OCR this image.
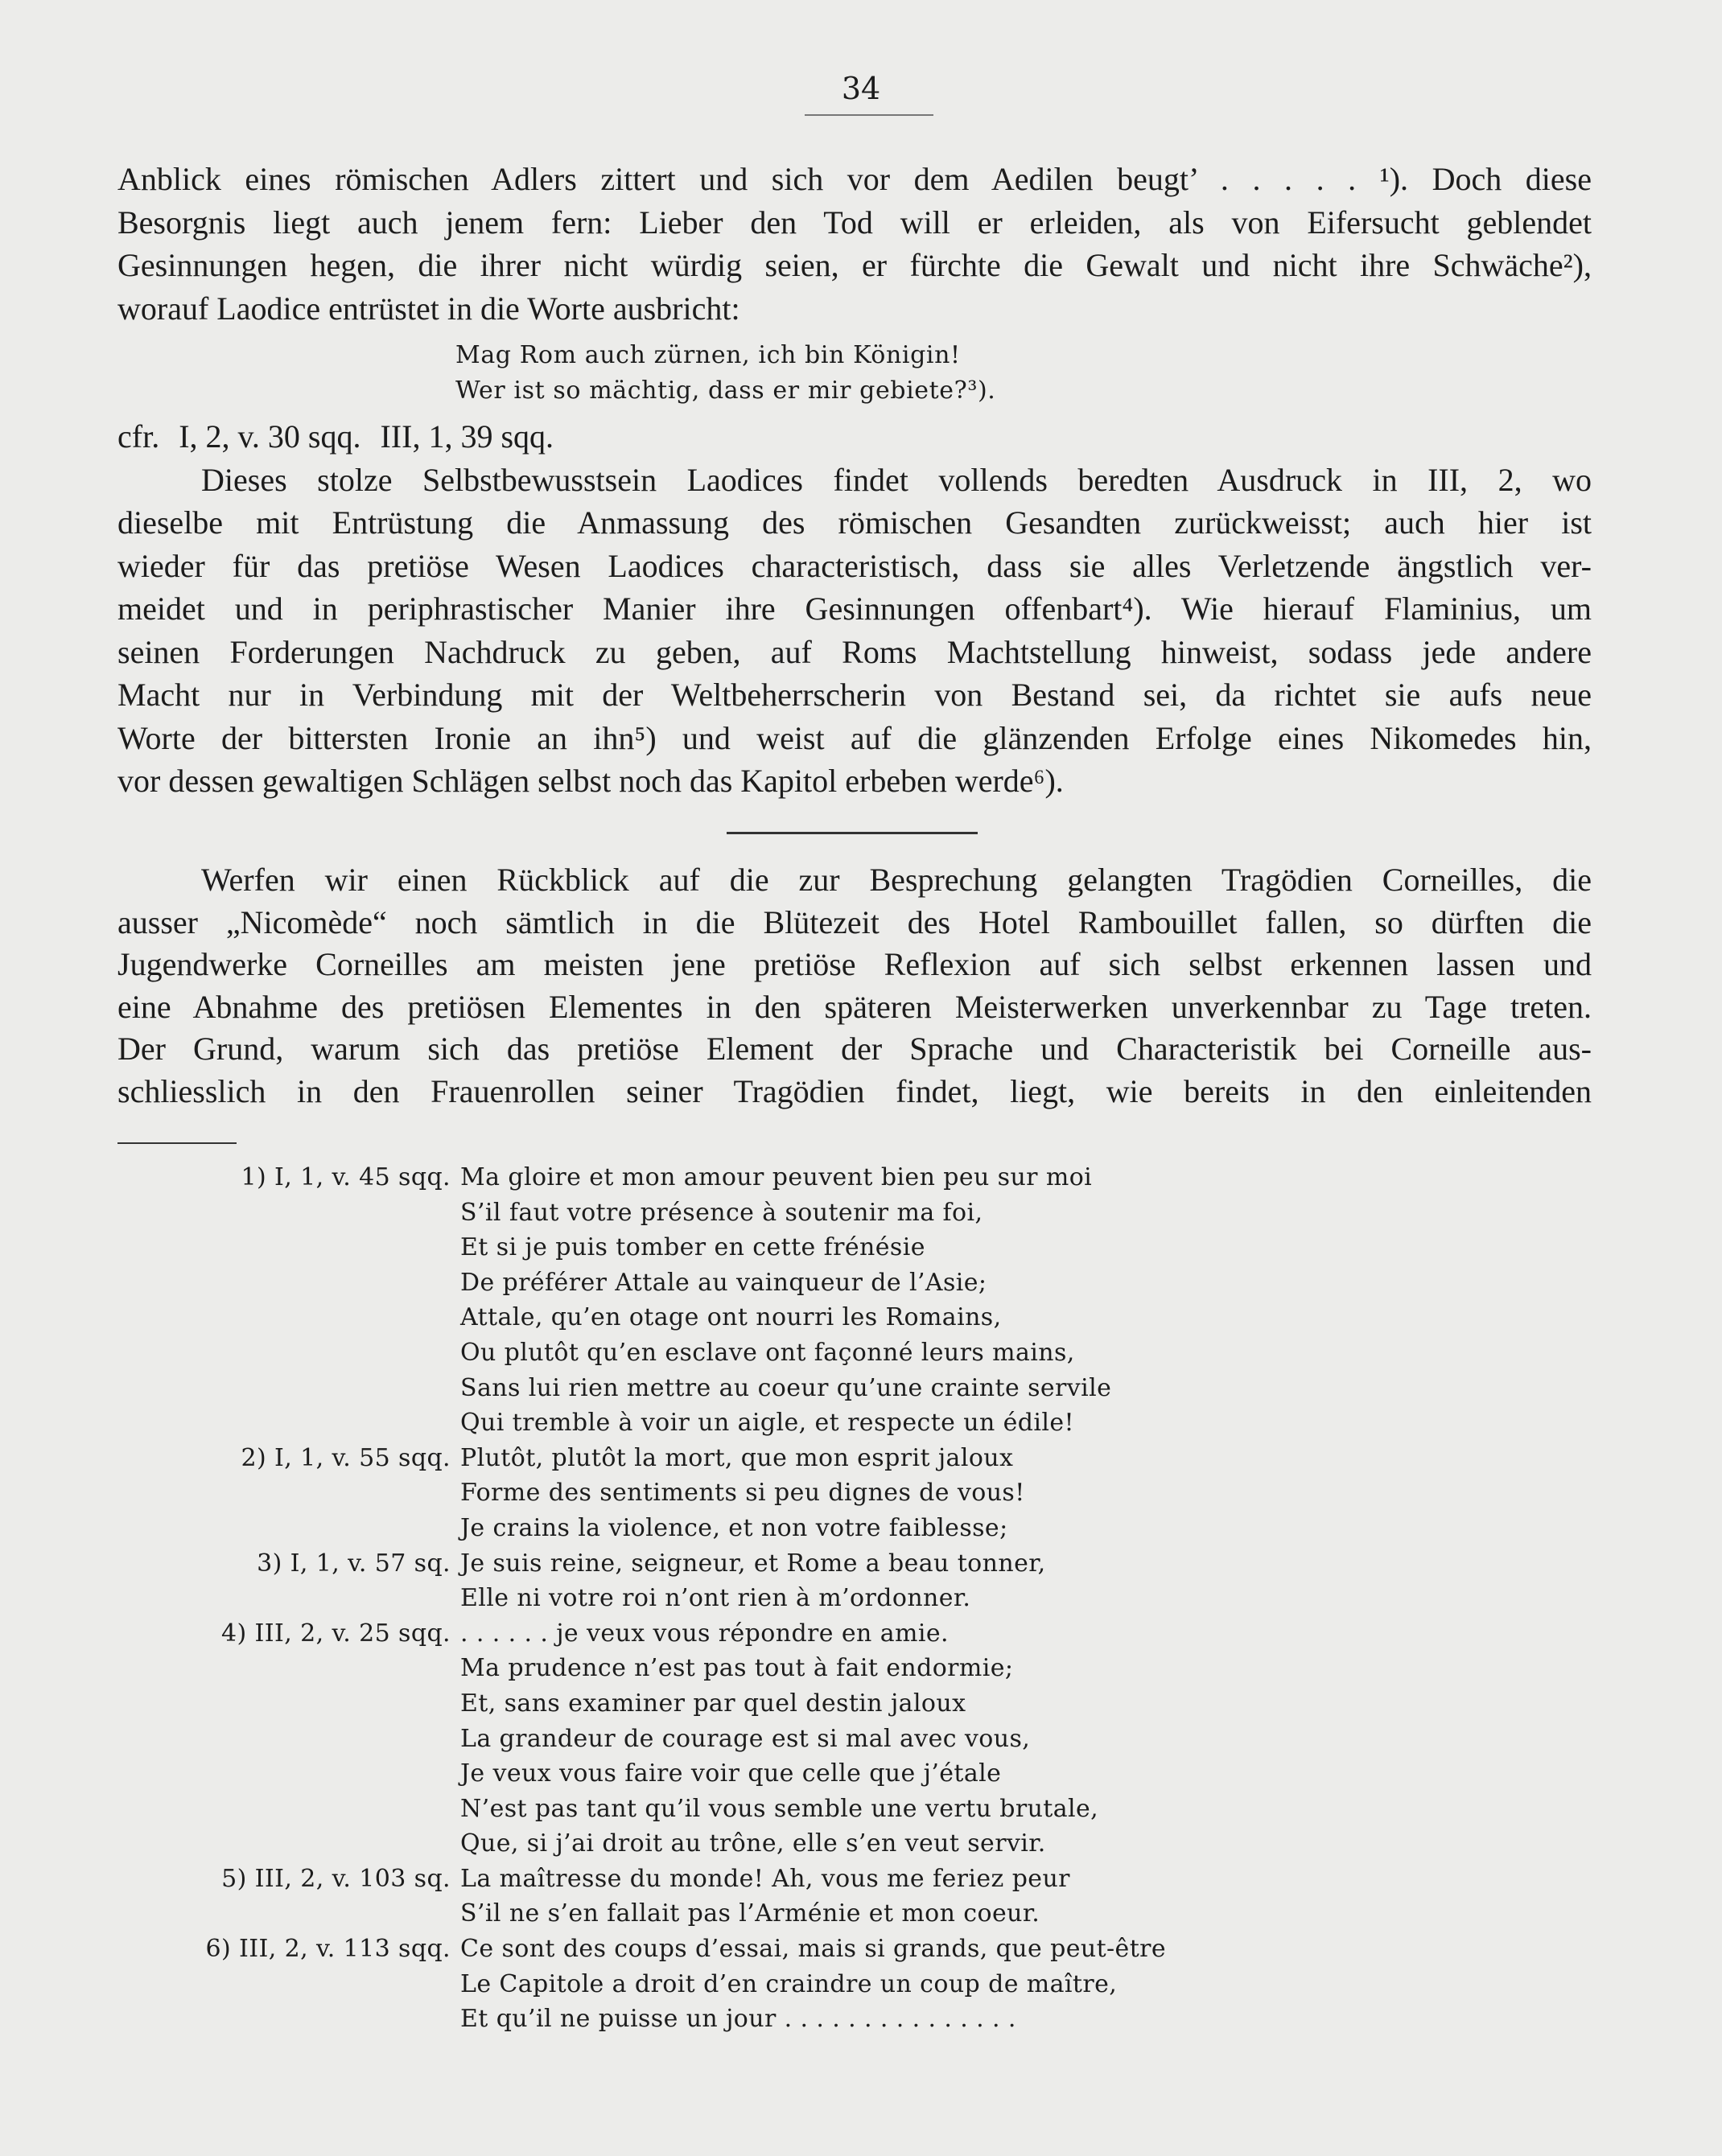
34

Anblick eines römischen Adlers zittert und sich vor dem Aedilen beugt’ . . . . . ¹). Doch diese
Besorgnis liegt auch jenem fern: Lieber den Tod will er erleiden, als von Eifersucht geblendet
Gesinnungen hegen, die ihrer nicht würdig seien, er fürchte die Gewalt und nicht ihre Schwäche²),
worauf Laodice entrüstet in die Worte ausbricht:

Mag Rom auch zürnen, ich bin Königin!
Wer ist so mächtig, dass er mir gebiete?³).
cfr. I, 2, v. 30 sqq. III, 1, 39 sqq.

Dieses stolze Selbstbewusstsein Laodices findet vollends beredten Ausdruck in III, 2, wo
dieselbe mit Entrüstung die Anmassung des römischen Gesandten zurückweisst; auch hier ist
wieder für das pretiöse Wesen Laodices characteristisch, dass sie alles Verletzende ängstlich ver-
meidet und in periphrastischer Manier ihre Gesinnungen offenbart⁴). Wie hierauf Flaminius, um
seinen Forderungen Nachdruck zu geben, auf Roms Machtstellung hinweist, sodass jede andere
Macht nur in Verbindung mit der Weltbeherrscherin von Bestand sei, da richtet sie aufs neue
Worte der bittersten Ironie an ihn⁵) und weist auf die glänzenden Erfolge eines Nikomedes hin,
vor dessen gewaltigen Schlägen selbst noch das Kapitol erbeben werde⁶).

Werfen wir einen Rückblick auf die zur Besprechung gelangten Tragödien Corneilles, die
ausser „Nicomède“ noch sämtlich in die Blütezeit des Hotel Rambouillet fallen, so dürften die
Jugendwerke Corneilles am meisten jene pretiöse Reflexion auf sich selbst erkennen lassen und
eine Abnahme des pretiösen Elementes in den späteren Meisterwerken unverkennbar zu Tage treten.
Der Grund, warum sich das pretiöse Element der Sprache und Characteristik bei Corneille aus-
schliesslich in den Frauenrollen seiner Tragödien findet, liegt, wie bereits in den einleitenden

1) I, 1, v. 45 sqq. Ma gloire et mon amour peuvent bien peu sur moi
S’il faut votre présence à soutenir ma foi,
Et si je puis tomber en cette frénésie
De préférer Attale au vainqueur de l’Asie;
Attale, qu’en otage ont nourri les Romains,
Ou plutôt qu’en esclave ont façonné leurs mains,
Sans lui rien mettre au coeur qu’une crainte servile
Qui tremble à voir un aigle, et respecte un édile!
2) I, 1, v. 55 sqq. Plutôt, plutôt la mort, que mon esprit jaloux
Forme des sentiments si peu dignes de vous!
Je crains la violence, et non votre faiblesse;
3) I, 1, v. 57 sq. Je suis reine, seigneur, et Rome a beau tonner,
Elle ni votre roi n’ont rien à m’ordonner.
4) III, 2, v. 25 sqq. . . . . . . je veux vous répondre en amie.
Ma prudence n’est pas tout à fait endormie;
Et, sans examiner par quel destin jaloux
La grandeur de courage est si mal avec vous,
Je veux vous faire voir que celle que j’étale
N’est pas tant qu’il vous semble une vertu brutale,
Que, si j’ai droit au trône, elle s’en veut servir.
5) III, 2, v. 103 sq. La maîtresse du monde! Ah, vous me feriez peur
S’il ne s’en fallait pas l’Arménie et mon coeur.
6) III, 2, v. 113 sqq. Ce sont des coups d’essai, mais si grands, que peut-être
Le Capitole a droit d’en craindre un coup de maître,
Et qu’il ne puisse un jour . . . . . . . . . . . . . . .
